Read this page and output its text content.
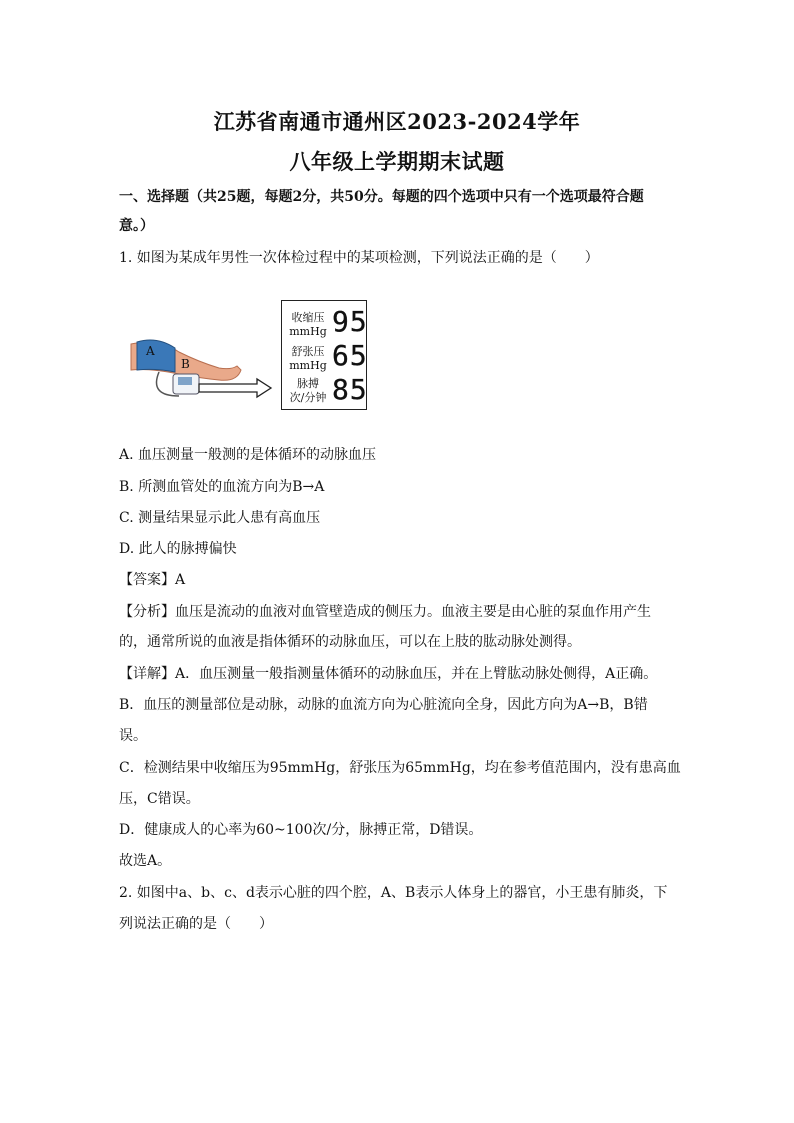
江苏省南通市通州区2023-2024学年
八年级上学期期末试题
一、选择题（共25题，每题2分，共50分。每题的四个选项中只有一个选项最符合题
意。）
1. 如图为某成年男性一次体检过程中的某项检测，下列说法正确的是（　　）
A
B
收缩压
mmHg 95
舒张压
mmHg 65
脉搏
次/分钟 85
A. 血压测量一般测的是体循环的动脉血压
B. 所测血管处的血流方向为B→A
C. 测量结果显示此人患有高血压
D. 此人的脉搏偏快
【答案】A
【分析】血压是流动的血液对血管壁造成的侧压力。血液主要是由心脏的泵血作用产生
的，通常所说的血液是指体循环的动脉血压，可以在上肢的肱动脉处测得。
【详解】A．血压测量一般指测量体循环的动脉血压，并在上臂肱动脉处侧得，A正确。
B．血压的测量部位是动脉，动脉的血流方向为心脏流向全身，因此方向为A→B，B错
误。
C．检测结果中收缩压为95mmHg，舒张压为65mmHg，均在参考值范围内，没有患高血
压，C错误。
D．健康成人的心率为60~100次/分，脉搏正常，D错误。
故选A。
2. 如图中a、b、c、d表示心脏的四个腔，A、B表示人体身上的器官，小王患有肺炎，下
列说法正确的是（　　）
